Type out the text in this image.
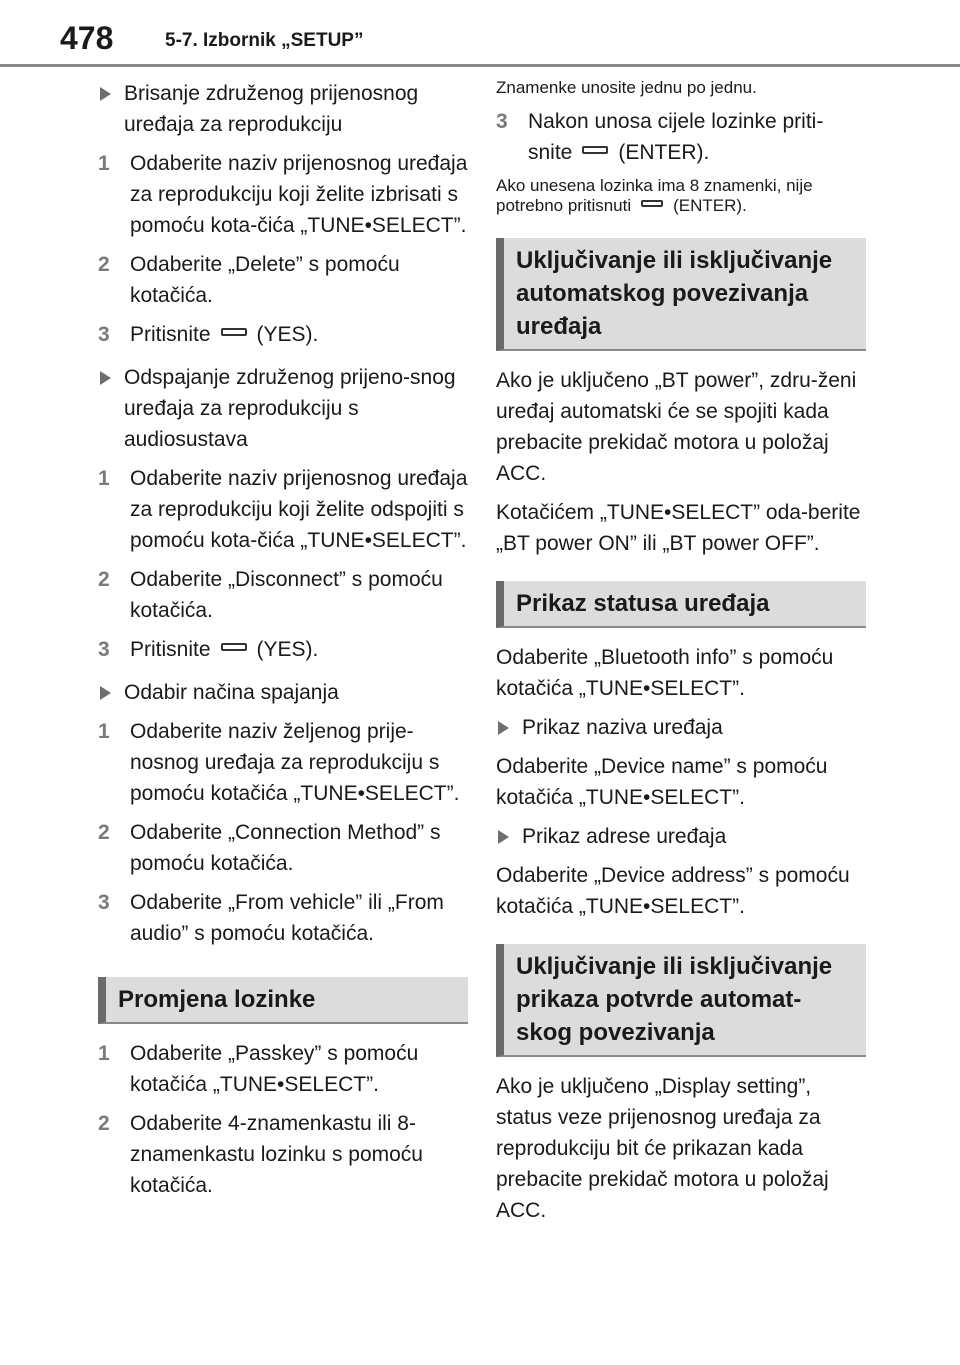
478	5-7. Izbornik „SETUP”
Brisanje združenog prijenosnog uređaja za reprodukciju
1 Odaberite naziv prijenosnog uređaja za reprodukciju koji želite izbrisati s pomoću kota-čića „TUNE•SELECT”.
2 Odaberite „Delete” s pomoću kotačića.
3 Pritisnite (YES).
Odspajanje združenog prijeno-snog uređaja za reprodukciju s audiosustava
1 Odaberite naziv prijenosnog uređaja za reprodukciju koji želite odspojiti s pomoću kota-čića „TUNE•SELECT”.
2 Odaberite „Disconnect” s pomoću kotačića.
3 Pritisnite (YES).
Odabir načina spajanja
1 Odaberite naziv željenog prije-nosnog uređaja za reprodukciju s pomoću kotačića „TUNE•SELECT”.
2 Odaberite „Connection Method” s pomoću kotačića.
3 Odaberite „From vehicle” ili „From audio” s pomoću kotačića.
Promjena lozinke
1 Odaberite „Passkey” s pomoću kotačića „TUNE•SELECT”.
2 Odaberite 4-znamenkastu ili 8-znamenkastu lozinku s pomoću kotačića.
Znamenke unosite jednu po jednu.
3 Nakon unosa cijele lozinke priti-snite (ENTER).
Ako unesena lozinka ima 8 znamenki, nije potrebno pritisnuti (ENTER).
Uključivanje ili isključivanje automatskog povezivanja uređaja
Ako je uključeno „BT power”, zdru-ženi uređaj automatski će se spojiti kada prebacite prekidač motora u položaj ACC.
Kotačićem „TUNE•SELECT” oda-berite „BT power ON” ili „BT power OFF”.
Prikaz statusa uređaja
Odaberite „Bluetooth info” s pomoću kotačića „TUNE•SELECT”.
Prikaz naziva uređaja
Odaberite „Device name” s pomoću kotačića „TUNE•SELECT”.
Prikaz adrese uređaja
Odaberite „Device address” s pomoću kotačića „TUNE•SELECT”.
Uključivanje ili isključivanje prikaza potvrde automat-skog povezivanja
Ako je uključeno „Display setting”, status veze prijenosnog uređaja za reprodukciju bit će prikazan kada prebacite prekidač motora u položaj ACC.
